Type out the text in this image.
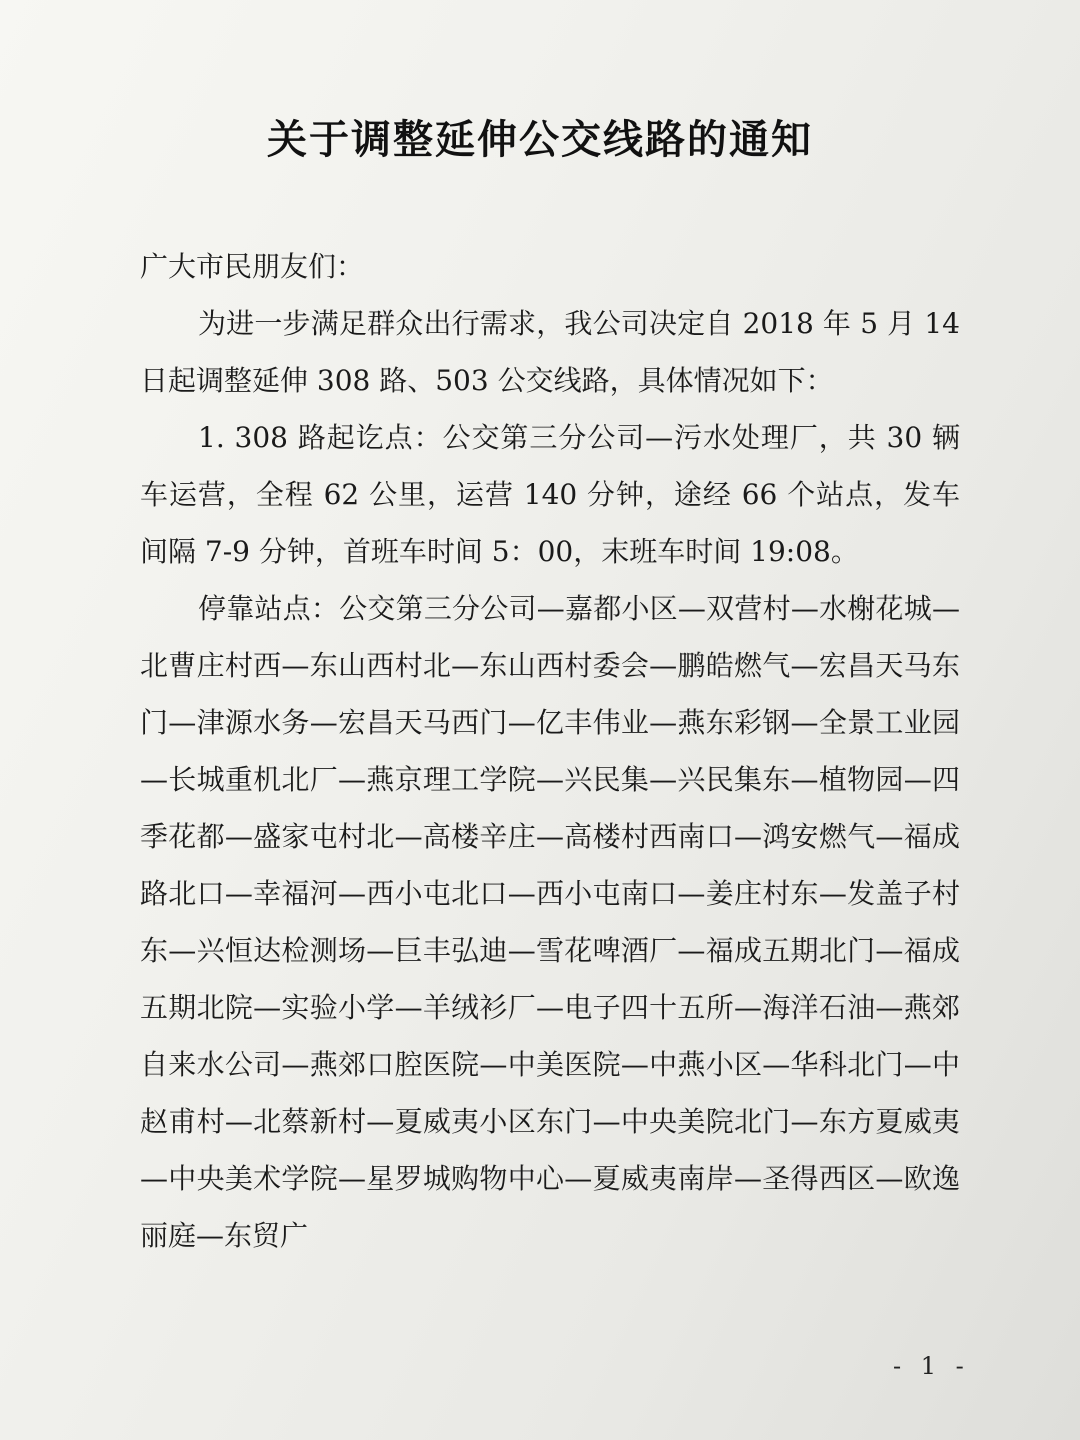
关于调整延伸公交线路的通知

广大市民朋友们：

为进一步满足群众出行需求，我公司决定自 2018 年 5 月 14 日起调整延伸 308 路、503 公交线路，具体情况如下：

1. 308 路起讫点：公交第三分公司—污水处理厂，共 30 辆车运营，全程 62 公里，运营 140 分钟，途经 66 个站点，发车间隔 7-9 分钟，首班车时间 5：00，末班车时间 19:08。

停靠站点：公交第三分公司—嘉都小区—双营村—水榭花城—北曹庄村西—东山西村北—东山西村委会—鹏皓燃气—宏昌天马东门—津源水务—宏昌天马西门—亿丰伟业—燕东彩钢—全景工业园—长城重机北厂—燕京理工学院—兴民集—兴民集东—植物园—四季花都—盛家屯村北—高楼辛庄—高楼村西南口—鸿安燃气—福成路北口—幸福河—西小屯北口—西小屯南口—姜庄村东—发盖子村东—兴恒达检测场—巨丰弘迪—雪花啤酒厂—福成五期北门—福成五期北院—实验小学—羊绒衫厂—电子四十五所—海洋石油—燕郊自来水公司—燕郊口腔医院—中美医院—中燕小区—华科北门—中赵甫村—北蔡新村—夏威夷小区东门—中央美院北门—东方夏威夷—中央美术学院—星罗城购物中心—夏威夷南岸—圣得西区—欧逸丽庭—东贸广

- 1 -
